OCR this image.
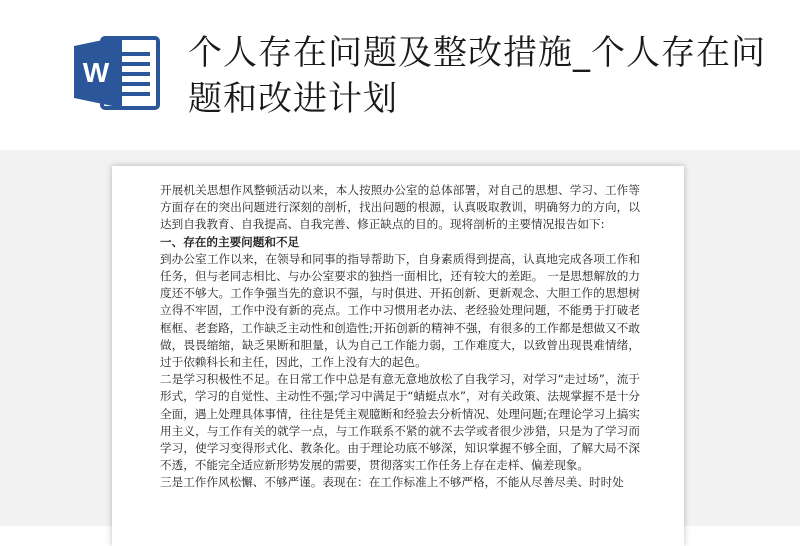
W 个人存在问题及整改措施_个人存在问题和改进计划

开展机关思想作风整顿活动以来，本人按照办公室的总体部署，对自己的思想、学习、工作等方面存在的突出问题进行深刻的剖析，找出问题的根源，认真吸取教训，明确努力的方向，以达到自我教育、自我提高、自我完善、修正缺点的目的。现将剖析的主要情况报告如下:

一、存在的主要问题和不足

到办公室工作以来，在领导和同事的指导帮助下，自身素质得到提高，认真地完成各项工作和任务，但与老同志相比、与办公室要求的独挡一面相比，还有较大的差距。 一是思想解放的力度还不够大。工作争强当先的意识不强，与时俱进、开拓创新、更新观念、大胆工作的思想树立得不牢固，工作中没有新的亮点。工作中习惯用老办法、老经验处理问题，不能勇于打破老框框、老套路，工作缺乏主动性和创造性;开拓创新的精神不强，有很多的工作都是想做又不敢做，畏畏缩缩，缺乏果断和胆量，认为自己工作能力弱，工作难度大，以致曾出现畏难情绪，过于依赖科长和主任，因此，工作上没有大的起色。

二是学习积极性不足。在日常工作中总是有意无意地放松了自我学习，对学习“走过场”，流于形式，学习的自觉性、主动性不强;学习中满足于“蜻蜓点水”，对有关政策、法规掌握不是十分全面，遇上处理具体事情，往往是凭主观臆断和经验去分析情况、处理问题;在理论学习上搞实用主义，与工作有关的就学一点，与工作联系不紧的就不去学或者很少涉猎，只是为了学习而学习，使学习变得形式化、教条化。由于理论功底不够深，知识掌握不够全面，了解大局不深不透，不能完全适应新形势发展的需要，贯彻落实工作任务上存在走样、偏差现象。

三是工作作风松懈、不够严谨。表现在：在工作标准上不够严格，不能从尽善尽美、时时处
